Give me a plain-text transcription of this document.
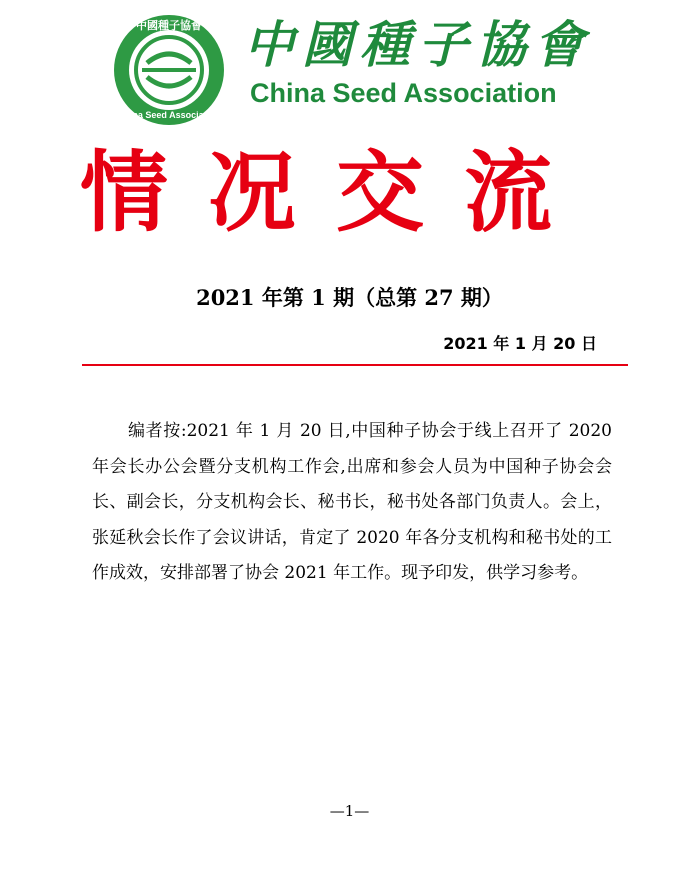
中國種子協會
China Seed Association
中國種子協會
China Seed Association
情况交流
2021 年第 1 期（总第 27 期）
2021 年 1 月 20 日

编者按:2021 年 1 月 20 日,中国种子协会于线上召开了 2020 年会长办公会暨分支机构工作会,出席和参会人员为中国种子协会会长、副会长，分支机构会长、秘书长，秘书处各部门负责人。会上，张延秋会长作了会议讲话，肯定了 2020 年各分支机构和秘书处的工作成效，安排部署了协会 2021 年工作。现予印发，供学习参考。

—1—
